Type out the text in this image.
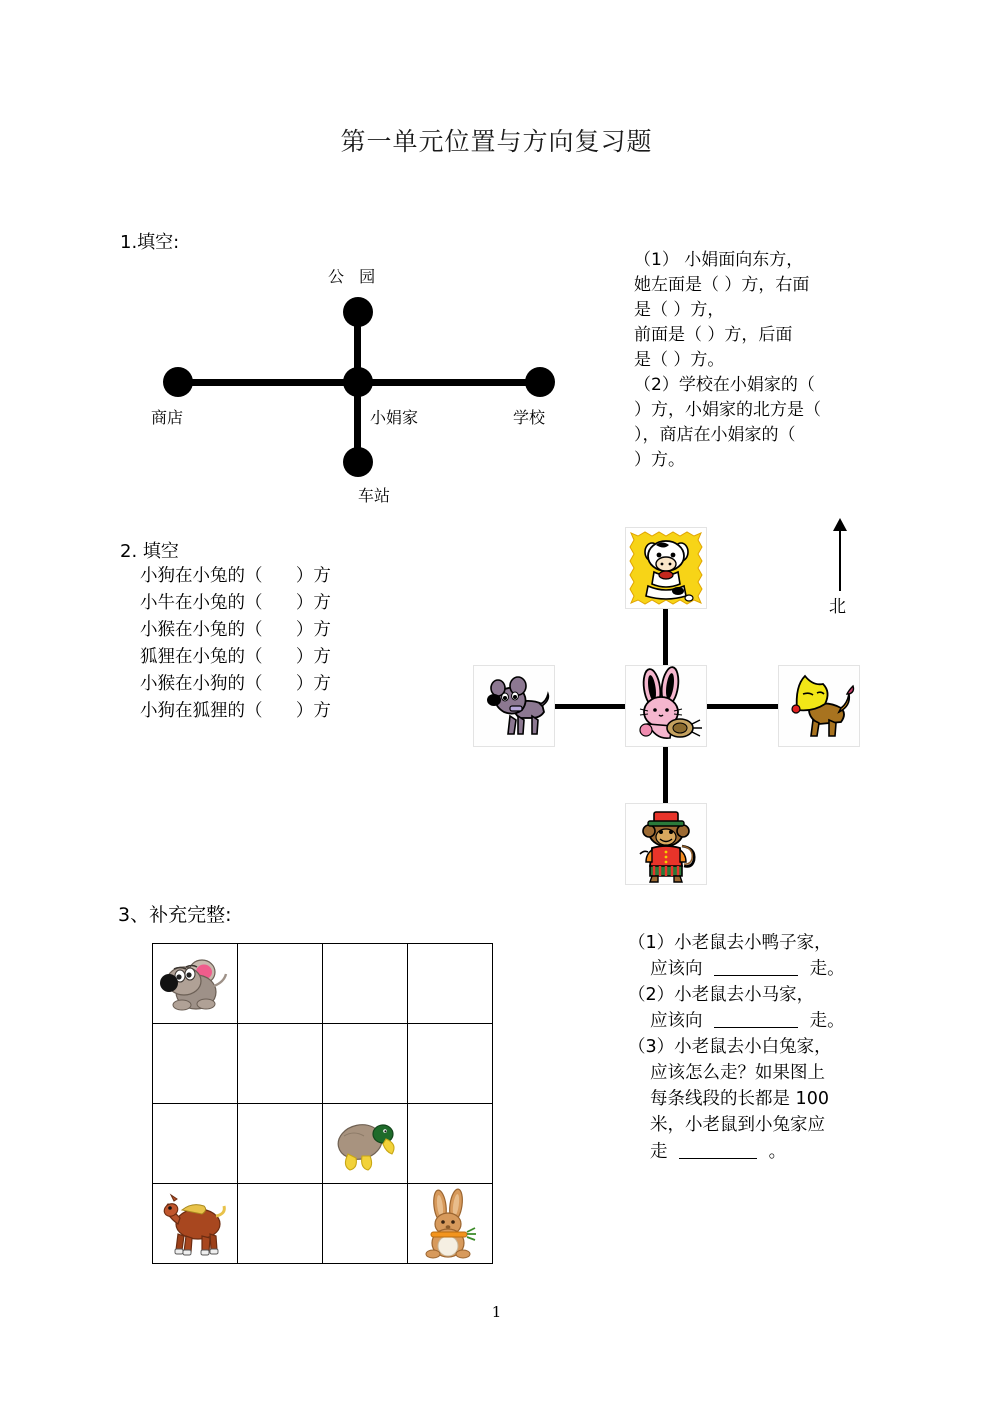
第一单元位置与方向复习题
1.填空:
公 园
商店	小娟家	学校
车站

（1） 小娟面向东方，

她左面是（ ）方，右面

是（ ）方，

前面是（ ）方，后面

是（ ）方。

（2）学校在小娟家的（

）方，小娟家的北方是（

），商店在小娟家的（

）方。

2. 填空
小狗在小兔的（      ）方
小牛在小兔的（      ）方
小猴在小兔的（      ）方
狐狸在小兔的（      ）方
小猴在小狗的（      ）方
小狗在狐狸的（      ）方
北
3、补充完整:

（1）小老鼠去小鸭子家，

应该向	走。

（2）小老鼠去小马家，

应该向	走。

（3）小老鼠去小白兔家，

应该怎么走？如果图上

每条线段的长都是 100

米，小老鼠到小兔家应

走	。

1
